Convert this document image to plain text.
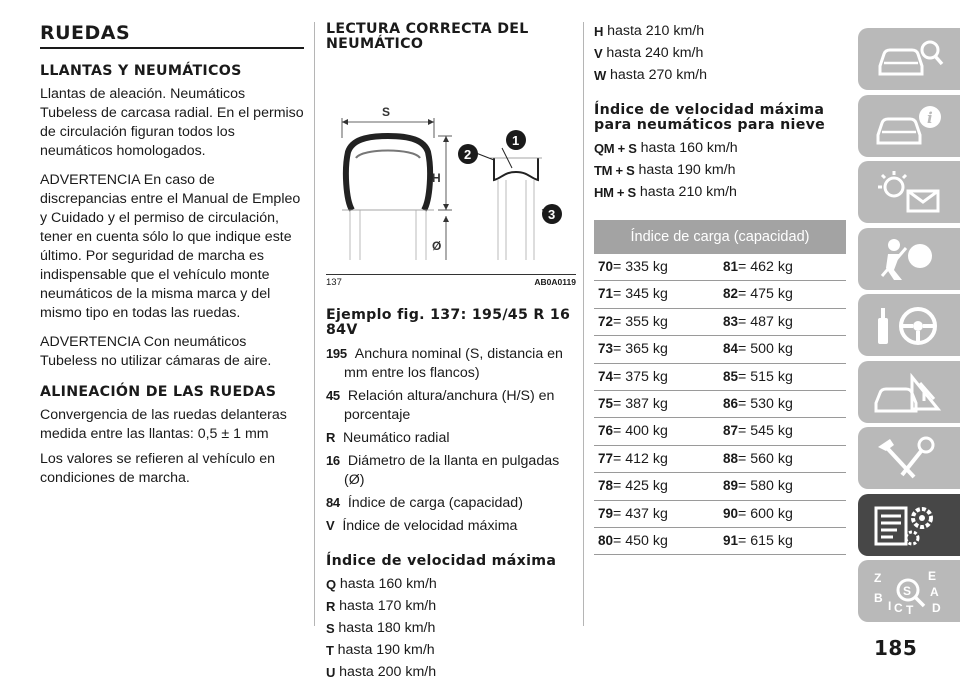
RUEDAS
LLANTAS Y NEUMÁTICOS

Llantas de aleación. Neumáticos Tubeless de carcasa radial. En el permiso de circulación figuran todos los neumáticos homologados.

ADVERTENCIA En caso de discrepancias entre el Manual de Empleo y Cuidado y el permiso de circulación, tener en cuenta sólo lo que indique este último. Por seguridad de marcha es indispensable que el vehículo monte neumáticos de la misma marca y del mismo tipo en todas las ruedas.

ADVERTENCIA Con neumáticos Tubeless no utilizar cámaras de aire.

ALINEACIÓN DE LAS RUEDAS

Convergencia de las ruedas delanteras medida entre las llantas: 0,5 ± 1 mm

Los valores se refieren al vehículo en condiciones de marcha.

LECTURA CORRECTA DEL NEUMÁTICO
S
H
Ø
1
2
3
137	AB0A0119
Ejemplo fig. 137: 195/45 R 16 84V
195 Anchura nominal (S, distancia en mm entre los flancos)
45 Relación altura/anchura (H/S) en porcentaje
R Neumático radial
16 Diámetro de la llanta en pulgadas (Ø)
84 Índice de carga (capacidad)
V Índice de velocidad máxima
Índice de velocidad máxima
Q hasta 160 km/h
R hasta 170 km/h
S hasta 180 km/h
T hasta 190 km/h
U hasta 200 km/h
H hasta 210 km/h
V hasta 240 km/h
W hasta 270 km/h
Índice de velocidad máxima para neumáticos para nieve
QM + S hasta 160 km/h
TM + S hasta 190 km/h
HM + S hasta 210 km/h
Índice de carga (capacidad)
70= 335 kg	81= 462 kg
71= 345 kg	82= 475 kg
72= 355 kg	83= 487 kg
73= 365 kg	84= 500 kg
74= 375 kg	85= 515 kg
75= 387 kg	86= 530 kg
76= 400 kg	87= 545 kg
77= 412 kg	88= 560 kg
78= 425 kg	89= 580 kg
79= 437 kg	90= 600 kg
80= 450 kg	91= 615 kg
i
Z	E
S A
B
C T D
I
185
